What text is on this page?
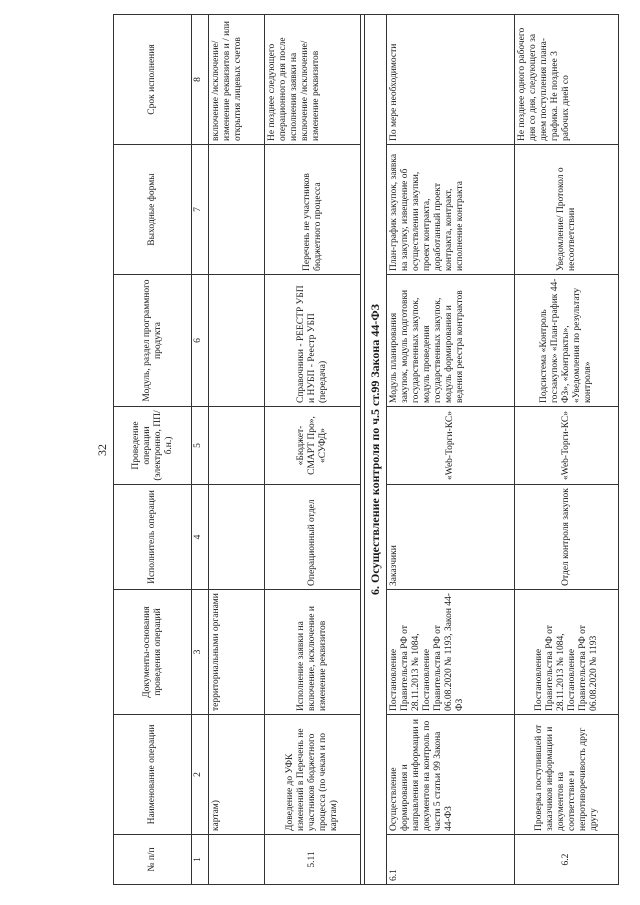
32
№ п/п	Наименование операции	Документы-основания проведения операций	Исполнитель операции	Проведение операции (электронно, ПП/б.н.)	Модуль, раздел программного продукта	Выходные формы	Срок исполнения
1	2	3	4	5	6	7	8
	картам)	территориальными органами					включение /исключение/ изменение реквизитов и / или открытия лицевых счетов
5.11	Доведение до УФК изменений в Перечень не участников бюджетного процесса (по чекам и по картам)	Исполнение заявки на включение, исключение и изменение реквизитов	Операционный отдел	«Бюджет-СМАРТ Про», «СУФД»	Справочники - РЕЕСТР УБП и НУБП - Реестр УБП (передача)	Перечень не участников бюджетного процесса	Не позднее следующего операционного дня после исполнения заявки на включение /исключение/ изменение реквизитов

6. Осуществление контроля по ч.5 ст.99 Закона 44-ФЗ							
6.1	Осуществление формирования и направления информации и документов на контроль по части 5 статьи 99 Закона 44-ФЗ	Постановление Правительства РФ от 28.11.2013 № 1084, Постановление Правительства РФ от 06.08.2020 № 1193, Закон 44-ФЗ	Заказчики	«Web-Торги-КС»	Модуль планирования закупок, модуль подготовки государственных закупок, модуль проведения государственных закупок, модуль формирования и ведения реестра контрактов	План-график закупок, заявка на закупку, извещение об осуществлении закупки, проект контракта, доработанный проект контракта, контракт, исполнение контракта	По мере необходимости
6.2	Проверка поступившей от заказчиков информации и документов на соответствие и непротиворечивость друг другу	Постановление Правительства РФ от 28.11.2013 № 1084, Постановление Правительства РФ от 06.08.2020 № 1193	Отдел контроля закупок	«Web-Торги-КС»	Подсистема «Контроль госзакупок» «План-график 44-ФЗ», «Контракты», «Уведомления по результату контроля»	Уведомление/ Протокол о несоответствии	Не позднее одного рабочего дня со дня, следующего за днем поступления плана-графика. Не позднее 3 рабочих дней со
